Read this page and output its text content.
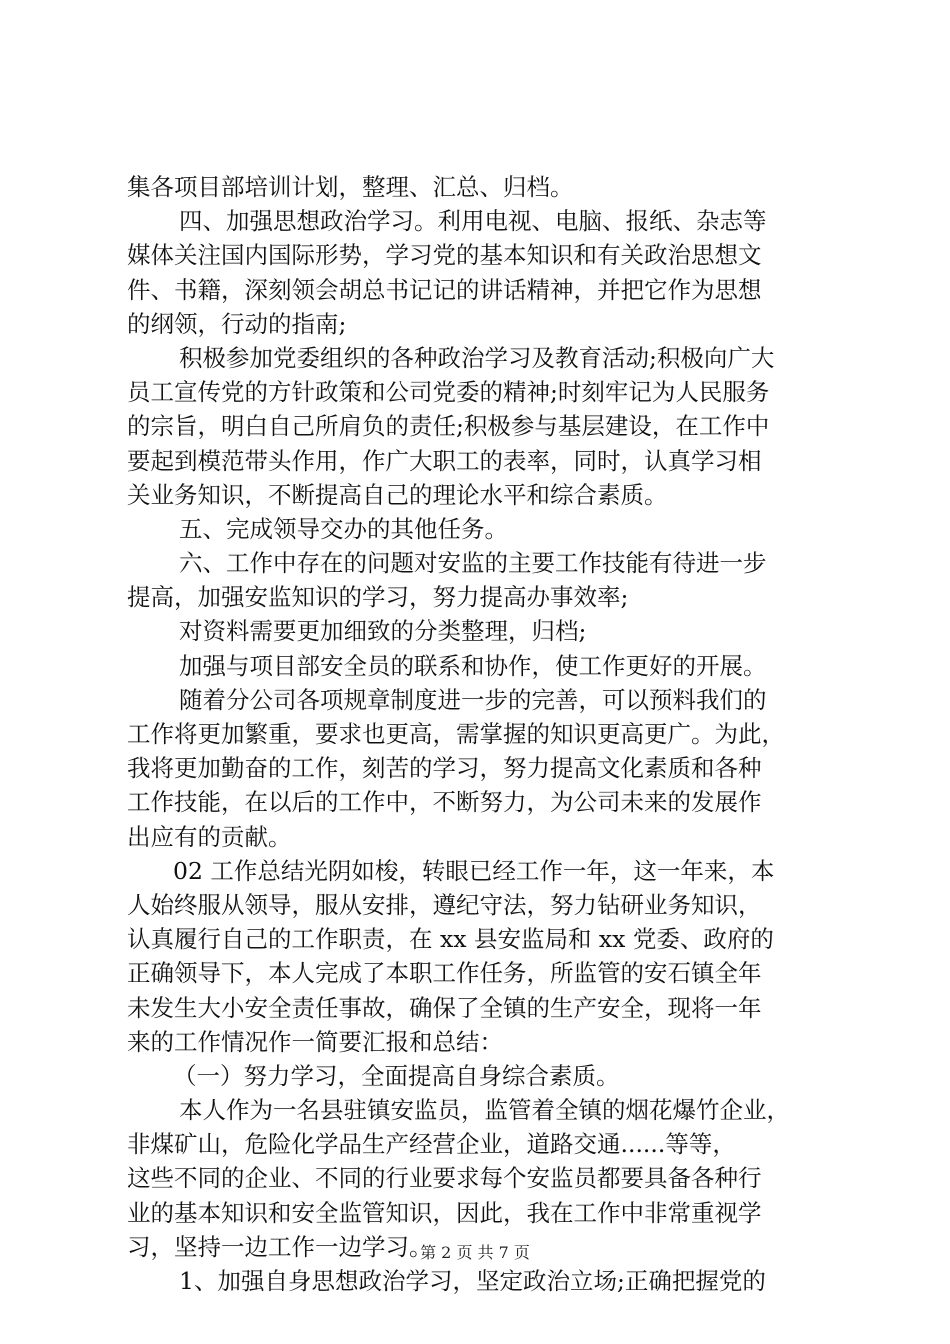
集各项目部培训计划，整理、汇总、归档。
四、加强思想政治学习。利用电视、电脑、报纸、杂志等
媒体关注国内国际形势，学习党的基本知识和有关政治思想文
件、书籍，深刻领会胡总书记记的讲话精神，并把它作为思想
的纲领，行动的指南;
积极参加党委组织的各种政治学习及教育活动;积极向广大
员工宣传党的方针政策和公司党委的精神;时刻牢记为人民服务
的宗旨，明白自己所肩负的责任;积极参与基层建设，在工作中
要起到模范带头作用，作广大职工的表率，同时，认真学习相
关业务知识，不断提高自己的理论水平和综合素质。
五、完成领导交办的其他任务。
六、工作中存在的问题对安监的主要工作技能有待进一步
提高，加强安监知识的学习，努力提高办事效率;
对资料需要更加细致的分类整理，归档;
加强与项目部安全员的联系和协作，使工作更好的开展。
随着分公司各项规章制度进一步的完善，可以预料我们的
工作将更加繁重，要求也更高，需掌握的知识更高更广。为此，
我将更加勤奋的工作，刻苦的学习，努力提高文化素质和各种
工作技能，在以后的工作中，不断努力，为公司未来的发展作
出应有的贡献。
02 工作总结光阴如梭，转眼已经工作一年，这一年来，本
人始终服从领导，服从安排，遵纪守法，努力钻研业务知识，
认真履行自己的工作职责，在 xx 县安监局和 xx 党委、政府的
正确领导下，本人完成了本职工作任务，所监管的安石镇全年
未发生大小安全责任事故，确保了全镇的生产安全，现将一年
来的工作情况作一简要汇报和总结：
（一）努力学习，全面提高自身综合素质。
本人作为一名县驻镇安监员，监管着全镇的烟花爆竹企业，
非煤矿山，危险化学品生产经营企业，道路交通......等等，
这些不同的企业、不同的行业要求每个安监员都要具备各种行
业的基本知识和安全监管知识，因此，我在工作中非常重视学
习，坚持一边工作一边学习。
1、加强自身思想政治学习，坚定政治立场;正确把握党的
第 2 页 共 7 页
